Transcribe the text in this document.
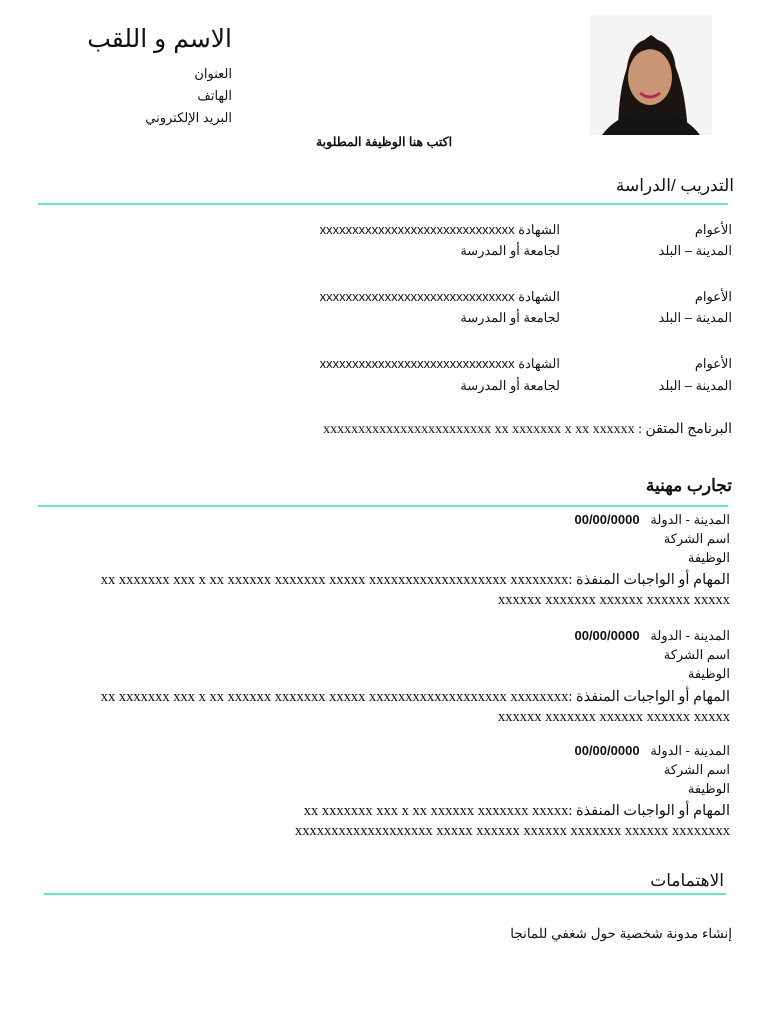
الاسم و اللقب
العنوان
الهاتف
البريد الإلكتروني
اكتب هنا الوظيفة المطلوبة
التدريب /الدراسة
الأعوام
الشهادة xxxxxxxxxxxxxxxxxxxxxxxxxxxxxx
المدينة – البلد
لجامعة أو المدرسة
الأعوام
الشهادة xxxxxxxxxxxxxxxxxxxxxxxxxxxxxx
المدينة – البلد
لجامعة أو المدرسة
الأعوام
الشهادة xxxxxxxxxxxxxxxxxxxxxxxxxxxxxx
المدينة – البلد
لجامعة أو المدرسة
البرنامج المتقن : xxxxxxxxxxxxxxxxxxxxxxxx xx xxxxxxx x xx xxxxxx
تجارب مهنية
المدينة - الدولة   00/00/0000
اسم الشركة
الوظيفة
المهام أو الواجبات المنفذة :xx xxxxxxx xxx x xx xxxxxx xxxxxxx xxxxx xxxxxxxxxxxxxxxxxxx xxxxxxxx xxxxxx xxxxxxx xxxxxx xxxxxx xxxxx
المدينة - الدولة   00/00/0000
اسم الشركة
الوظيفة
المهام أو الواجبات المنفذة :xx xxxxxxx xxx x xx xxxxxx xxxxxxx xxxxx xxxxxxxxxxxxxxxxxxx xxxxxxxx xxxxxx xxxxxxx xxxxxx xxxxxx xxxxx
المدينة - الدولة   00/00/0000
اسم الشركة
الوظيفة
المهام أو الواجبات المنفذة :xx xxxxxxx xxx x xx xxxxxx xxxxxxx xxxxx xxxxxxxxxxxxxxxxxxx xxxxx xxxxxx xxxxxx xxxxxxx xxxxxx xxxxxxxx
الاهتمامات
إنشاء مدونة شخصية حول شغفي للمانجا
